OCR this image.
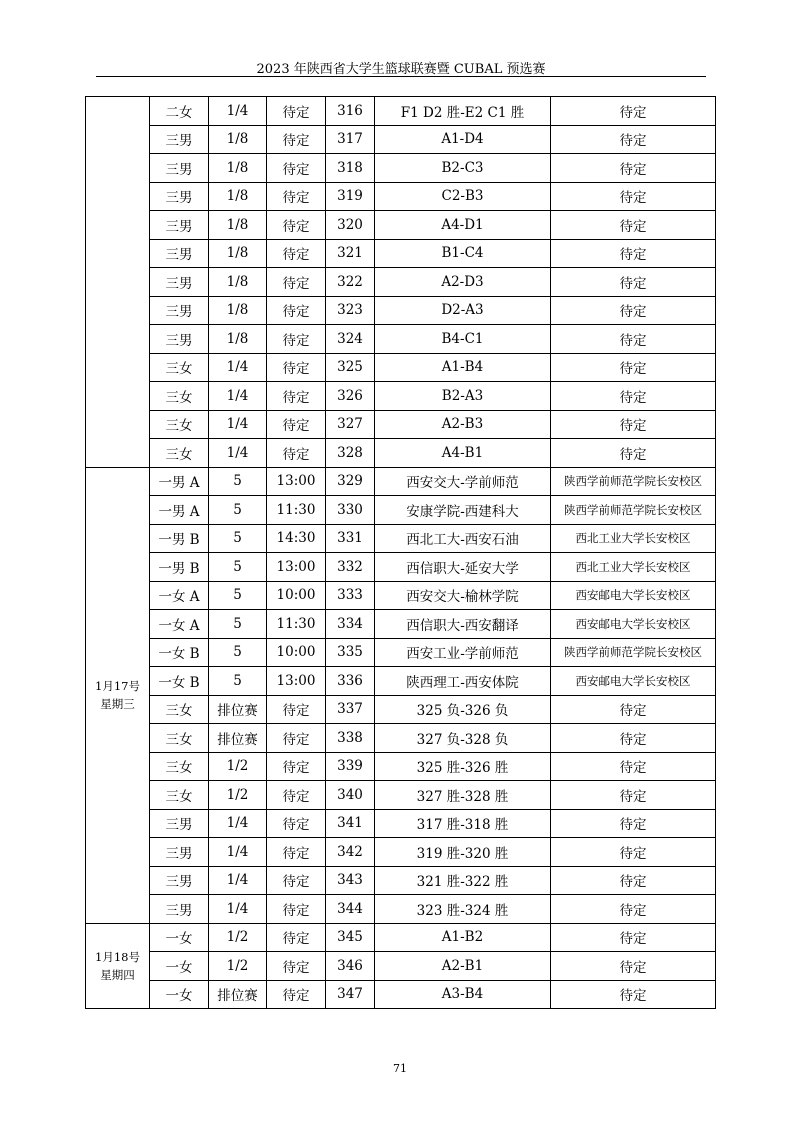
2023 年陕西省大学生篮球联赛暨 CUBAL 预选赛
	二女	1/4	待定	316	F1 D2 胜-E2 C1 胜	待定
	三男	1/8	待定	317	A1-D4	待定
	三男	1/8	待定	318	B2-C3	待定
	三男	1/8	待定	319	C2-B3	待定
	三男	1/8	待定	320	A4-D1	待定
	三男	1/8	待定	321	B1-C4	待定
	三男	1/8	待定	322	A2-D3	待定
	三男	1/8	待定	323	D2-A3	待定
	三男	1/8	待定	324	B4-C1	待定
	三女	1/4	待定	325	A1-B4	待定
	三女	1/4	待定	326	B2-A3	待定
	三女	1/4	待定	327	A2-B3	待定
	三女	1/4	待定	328	A4-B1	待定

1月17号
星期三	一男 A	5	13:00	329	西安交大-学前师范	陕西学前师范学院长安校区
	一男 A	5	11:30	330	安康学院-西建科大	陕西学前师范学院长安校区
	一男 B	5	14:30	331	西北工大-西安石油	西北工业大学长安校区
	一男 B	5	13:00	332	西信职大-延安大学	西北工业大学长安校区
	一女 A	5	10:00	333	西安交大-榆林学院	西安邮电大学长安校区
	一女 A	5	11:30	334	西信职大-西安翻译	西安邮电大学长安校区
	一女 B	5	10:00	335	西安工业-学前师范	陕西学前师范学院长安校区
	一女 B	5	13:00	336	陕西理工-西安体院	西安邮电大学长安校区
	三女	排位赛	待定	337	325 负-326 负	待定
	三女	排位赛	待定	338	327 负-328 负	待定
	三女	1/2	待定	339	325 胜-326 胜	待定
	三女	1/2	待定	340	327 胜-328 胜	待定
	三男	1/4	待定	341	317 胜-318 胜	待定
	三男	1/4	待定	342	319 胜-320 胜	待定
	三男	1/4	待定	343	321 胜-322 胜	待定
	三男	1/4	待定	344	323 胜-324 胜	待定

1月18号
星期四	一女	1/2	待定	345	A1-B2	待定
	一女	1/2	待定	346	A2-B1	待定
	一女	排位赛	待定	347	A3-B4	待定
71
